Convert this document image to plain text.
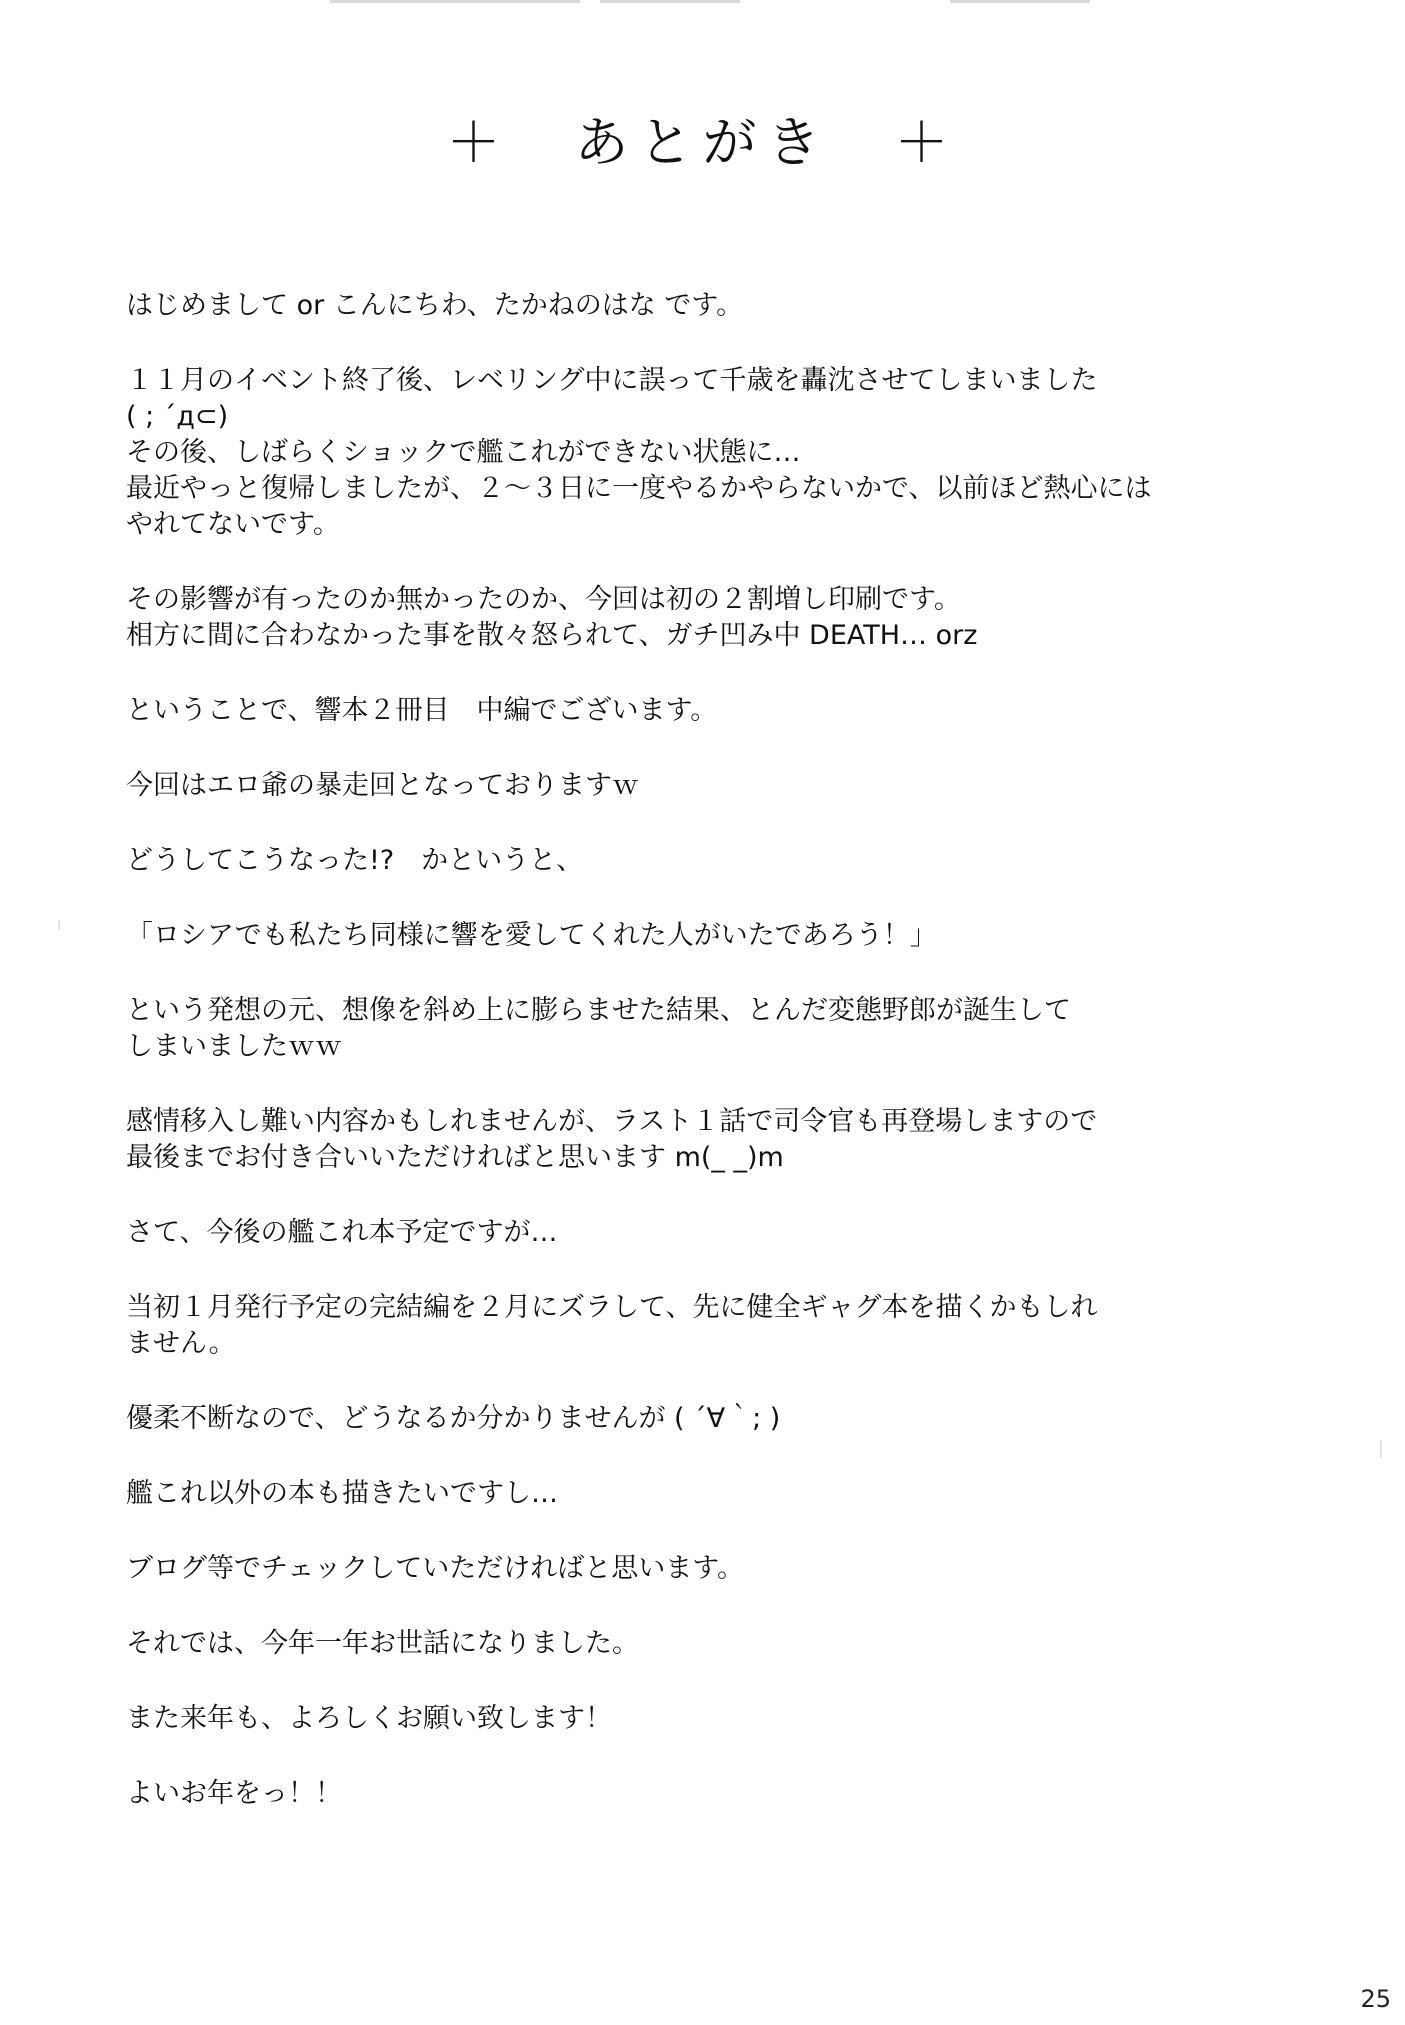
＋　あとがき　＋
はじめまして or こんにちわ、たかねのはな です。
１１月のイベント終了後、レベリング中に誤って千歳を轟沈させてしまいました
( ; ´д⊂)
その後、しばらくショックで艦これができない状態に…
最近やっと復帰しましたが、２～３日に一度やるかやらないかで、以前ほど熱心には
やれてないです。
その影響が有ったのか無かったのか、今回は初の２割増し印刷です。
相方に間に合わなかった事を散々怒られて、ガチ凹み中 DEATH… orz
ということで、響本２冊目　中編でございます。
今回はエロ爺の暴走回となっておりますｗ
どうしてこうなった!?　かというと、
「ロシアでも私たち同様に響を愛してくれた人がいたであろう！」
という発想の元、想像を斜め上に膨らませた結果、とんだ変態野郎が誕生して
しまいましたｗｗ
感情移入し難い内容かもしれませんが、ラスト１話で司令官も再登場しますので
最後までお付き合いいただければと思います m(_ _)m
さて、今後の艦これ本予定ですが…
当初１月発行予定の完結編を２月にズラして、先に健全ギャグ本を描くかもしれ
ません。
優柔不断なので、どうなるか分かりませんが ( ´∀｀; )
艦これ以外の本も描きたいですし…
ブログ等でチェックしていただければと思います。
それでは、今年一年お世話になりました。
また来年も、よろしくお願い致します！
よいお年をっ！！
25
